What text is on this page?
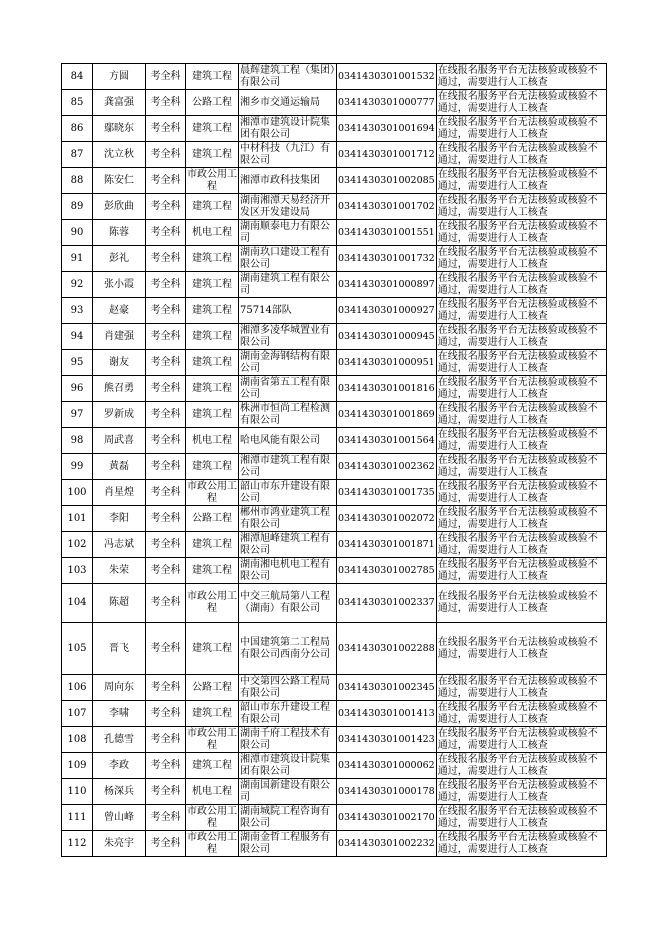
84	方圆	考全科	建筑工程	晨辉建筑工程（集团）有限公司	0341430301001532	在线报名服务平台无法核验或核验不通过，需要进行人工核查
85	龚富强	考全科	公路工程	湘乡市交通运输局	0341430301000777	在线报名服务平台无法核验或核验不通过，需要进行人工核查
86	鄢晓东	考全科	建筑工程	湘潭市建筑设计院集团有限公司	0341430301001694	在线报名服务平台无法核验或核验不通过，需要进行人工核查
87	沈立秋	考全科	建筑工程	中材科技（九江）有限公司	0341430301001712	在线报名服务平台无法核验或核验不通过，需要进行人工核查
88	陈安仁	考全科	市政公用工程	湘潭市政科技集团	0341430301002085	在线报名服务平台无法核验或核验不通过，需要进行人工核查
89	彭欣曲	考全科	建筑工程	湖南湘潭天易经济开发区开发建设局	0341430301001702	在线报名服务平台无法核验或核验不通过，需要进行人工核查
90	陈蓉	考全科	机电工程	湖南顺泰电力有限公司	0341430301001551	在线报名服务平台无法核验或核验不通过，需要进行人工核查
91	彭礼	考全科	建筑工程	湖南玖口建设工程有限公司	0341430301001732	在线报名服务平台无法核验或核验不通过，需要进行人工核查
92	张小霞	考全科	建筑工程	湖南建筑工程有限公司	0341430301000897	在线报名服务平台无法核验或核验不通过，需要进行人工核查
93	赵豪	考全科	建筑工程	75714部队	0341430301000927	在线报名服务平台无法核验或核验不通过，需要进行人工核查
94	肖建强	考全科	建筑工程	湘潭多凌华城置业有限公司	0341430301000945	在线报名服务平台无法核验或核验不通过，需要进行人工核查
95	谢友	考全科	建筑工程	湖南金海钢结构有限公司	0341430301000951	在线报名服务平台无法核验或核验不通过，需要进行人工核查
96	熊召勇	考全科	建筑工程	湖南省第五工程有限公司	0341430301001816	在线报名服务平台无法核验或核验不通过，需要进行人工核查
97	罗新成	考全科	建筑工程	株洲市恒尚工程检测有限公司	0341430301001869	在线报名服务平台无法核验或核验不通过，需要进行人工核查
98	周武喜	考全科	机电工程	哈电风能有限公司	0341430301001564	在线报名服务平台无法核验或核验不通过，需要进行人工核查
99	黄磊	考全科	建筑工程	湘潭市建筑工程有限公司	0341430301002362	在线报名服务平台无法核验或核验不通过，需要进行人工核查
100	肖星煌	考全科	市政公用工程	韶山市东升建设有限公司	0341430301001735	在线报名服务平台无法核验或核验不通过，需要进行人工核查
101	李阳	考全科	公路工程	郴州市鸿业建筑工程有限公司	0341430301002072	在线报名服务平台无法核验或核验不通过，需要进行人工核查
102	冯志斌	考全科	建筑工程	湘潭旭峰建筑工程有限公司	0341430301001871	在线报名服务平台无法核验或核验不通过，需要进行人工核查
103	朱荣	考全科	建筑工程	湖南湘电机电工程有限公司	0341430301002785	在线报名服务平台无法核验或核验不通过，需要进行人工核查
104	陈超	考全科	市政公用工程	中交三航局第八工程（湖南）有限公司	0341430301002337	在线报名服务平台无法核验或核验不通过，需要进行人工核查
105	晋飞	考全科	建筑工程	中国建筑第二工程局有限公司西南分公司	0341430301002288	在线报名服务平台无法核验或核验不通过，需要进行人工核查
106	周向东	考全科	公路工程	中交第四公路工程局有限公司	0341430301002345	在线报名服务平台无法核验或核验不通过，需要进行人工核查
107	李啸	考全科	建筑工程	韶山市东升建设工程有限公司	0341430301001413	在线报名服务平台无法核验或核验不通过，需要进行人工核查
108	孔德雪	考全科	市政公用工程	湖南千府工程技术有限公司	0341430301001423	在线报名服务平台无法核验或核验不通过，需要进行人工核查
109	李政	考全科	建筑工程	湘潭市建筑设计院集团有限公司	0341430301000062	在线报名服务平台无法核验或核验不通过，需要进行人工核查
110	杨深兵	考全科	机电工程	湖南国新建设有限公司	0341430301000178	在线报名服务平台无法核验或核验不通过，需要进行人工核查
111	曾山峰	考全科	市政公用工程	湖南城院工程咨询有限公司	0341430301002170	在线报名服务平台无法核验或核验不通过，需要进行人工核查
112	朱亮宇	考全科	市政公用工程	湖南金哲工程服务有限公司	0341430301002232	在线报名服务平台无法核验或核验不通过，需要进行人工核查
